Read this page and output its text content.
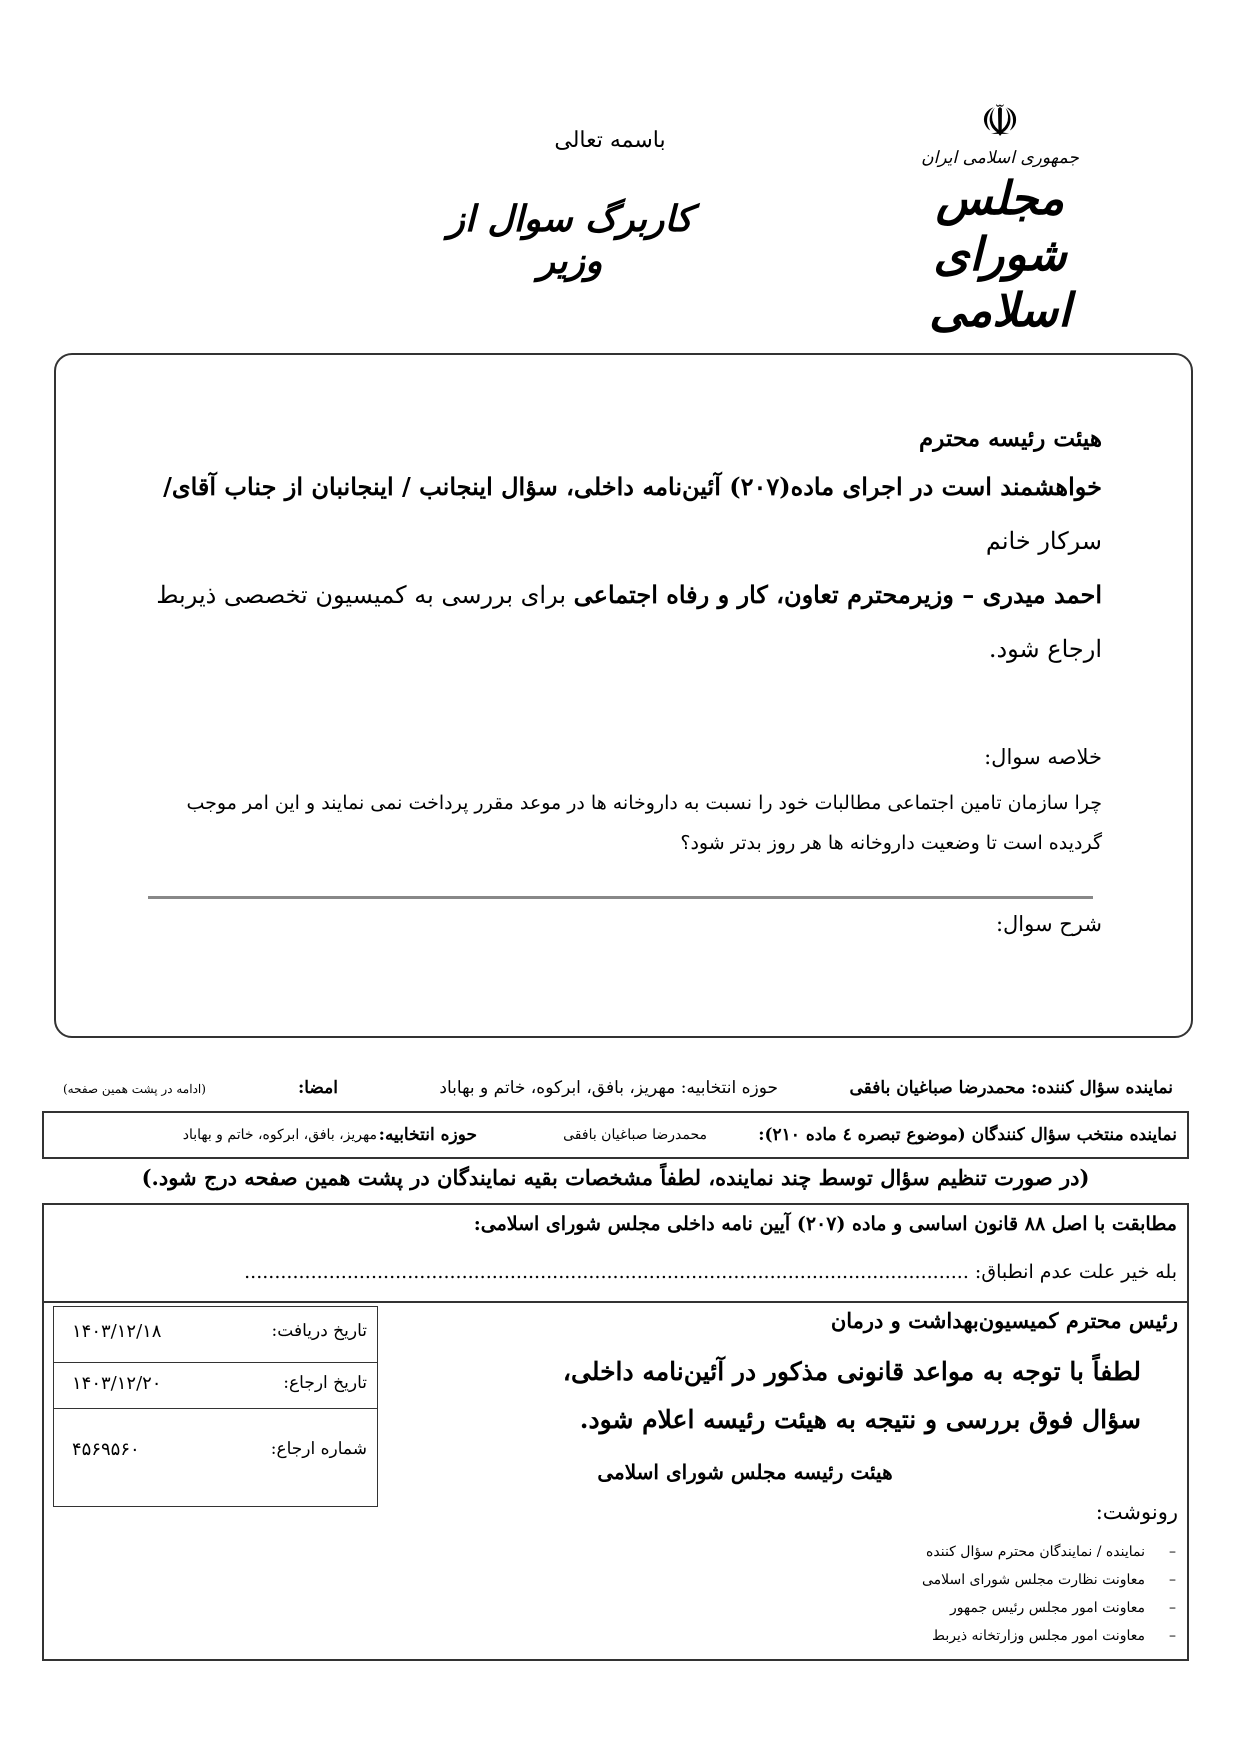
☫
جمهوری اسلامی ایران
مجلس شورای اسلامی
باسمه تعالی
کاربرگ سوال از وزیر
هیئت رئیسه محترم
خواهشمند است در اجرای ماده(۲۰۷) آئین‌نامه داخلی، سؤال اینجانب / اینجانبان از جناب آقای/
سرکار خانم
احمد میدری – وزیرمحترم تعاون، کار و رفاه اجتماعی برای بررسی به کمیسیون تخصصی ذیربط
ارجاع شود.
خلاصه سوال:
چرا سازمان تامین اجتماعی مطالبات خود را نسبت به داروخانه ها در موعد مقرر پرداخت نمی نمایند و این امر موجب گردیده است تا وضعیت داروخانه ها هر روز بدتر شود؟
شرح سوال:
نماینده سؤال کننده: محمدرضا صباغیان بافقی
حوزه انتخابیه: مهریز، بافق، ابرکوه، خاتم و بهاباد
امضا:
(ادامه در پشت همین صفحه)
نماینده منتخب سؤال کنندگان (موضوع تبصره ٤ ماده ۲۱۰):
محمدرضا صباغیان بافقی
حوزه انتخابیه:
مهریز، بافق، ابرکوه، خاتم و بهاباد
(در صورت تنظیم سؤال توسط چند نماینده، لطفاً مشخصات بقیه نمایندگان در پشت همین صفحه درج شود.)
مطابقت با اصل ۸۸ قانون اساسی و ماده (۲۰۷) آیین نامه داخلی مجلس شورای اسلامی:
بله خیر علت عدم انطباق: ........................................................................................................................
تاریخ دریافت:
۱۴۰۳/۱۲/۱۸
تاریخ ارجاع:
۱۴۰۳/۱۲/۲۰
شماره ارجاع:
۴۵۶۹۵۶۰
رئیس محترم کمیسیون‌بهداشت و درمان
لطفاً با توجه به مواعد قانونی مذکور در آئین‌نامه داخلی،
سؤال فوق بررسی و نتیجه به هیئت رئیسه اعلام شود.
هیئت رئیسه مجلس شورای اسلامی
رونوشت:
–نماینده / نمایندگان محترم سؤال کننده
–معاونت نظارت مجلس شورای اسلامی
–معاونت امور مجلس رئیس جمهور
–معاونت امور مجلس وزارتخانه ذیربط
